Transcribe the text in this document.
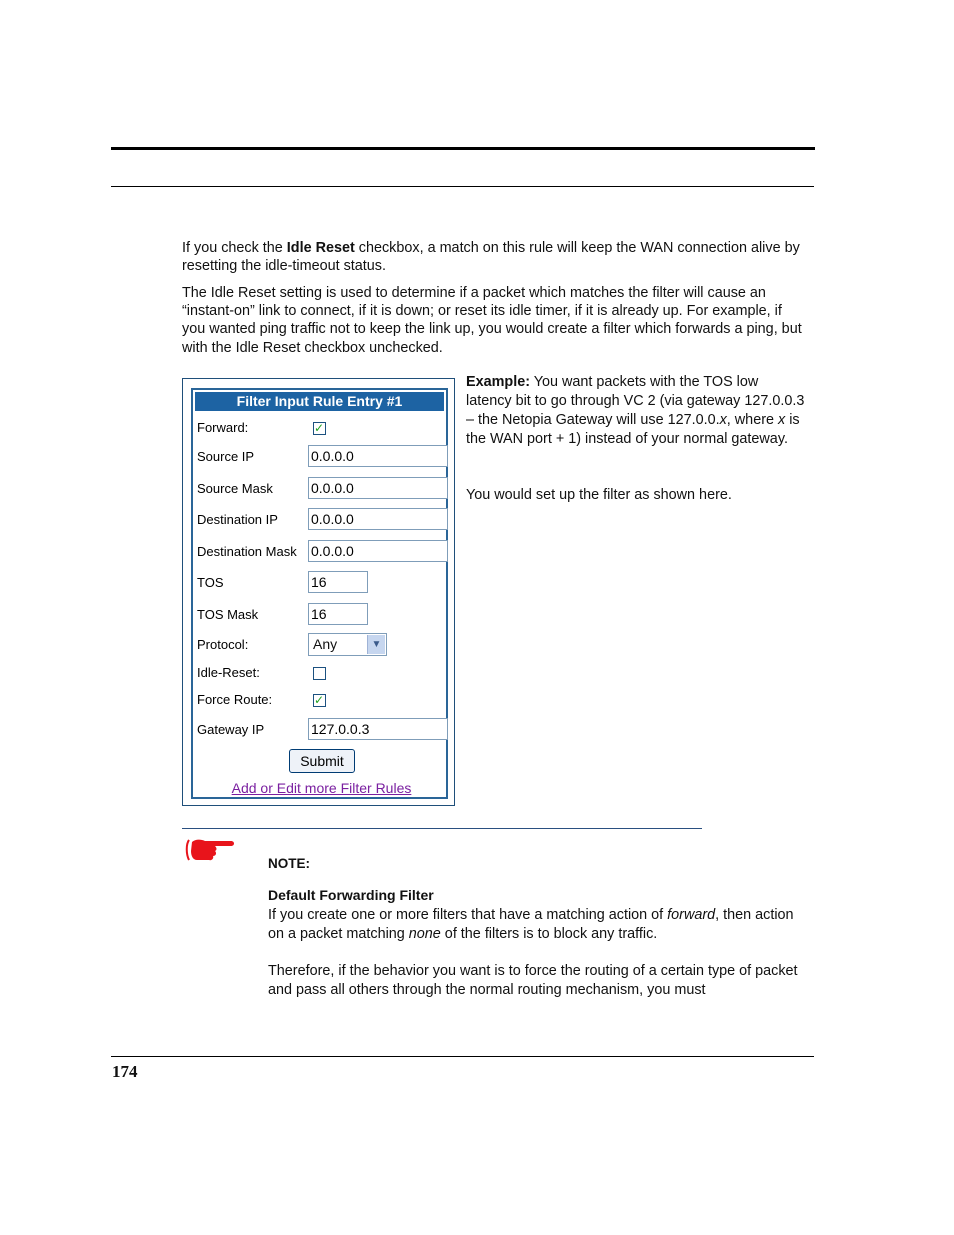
If you check the Idle Reset checkbox, a match on this rule will keep the WAN connection alive by resetting the idle-timeout status.

The Idle Reset setting is used to determine if a packet which matches the filter will cause an “instant-on” link to connect, if it is down; or reset its idle timer, if it is already up. For example, if you wanted ping traffic not to keep the link up, you would create a filter which forwards a ping, but with the Idle Reset checkbox unchecked.

Filter Input Rule Entry #1
Forward:	✓
Source IP	0.0.0.0
Source Mask	0.0.0.0
Destination IP 0.0.0.0
Destination Mask 0.0.0.0
TOS	16
TOS Mask	16
Protocol:	Any	▼
Idle-Reset:
Force Route:	✓
Gateway IP	127.0.0.3
Submit
Add or Edit more Filter Rules

Example: You want packets with the TOS low latency bit to go through VC 2 (via gateway 127.0.0.3 – the Netopia Gateway will use 127.0.0.x, where x is the WAN port + 1) instead of your normal gateway.

You would set up the filter as shown here.

NOTE:

Default Forwarding Filter

If you create one or more filters that have a matching action of forward, then action on a packet matching none of the filters is to block any traffic.

Therefore, if the behavior you want is to force the routing of a certain type of packet and pass all others through the normal routing mechanism, you must

174
